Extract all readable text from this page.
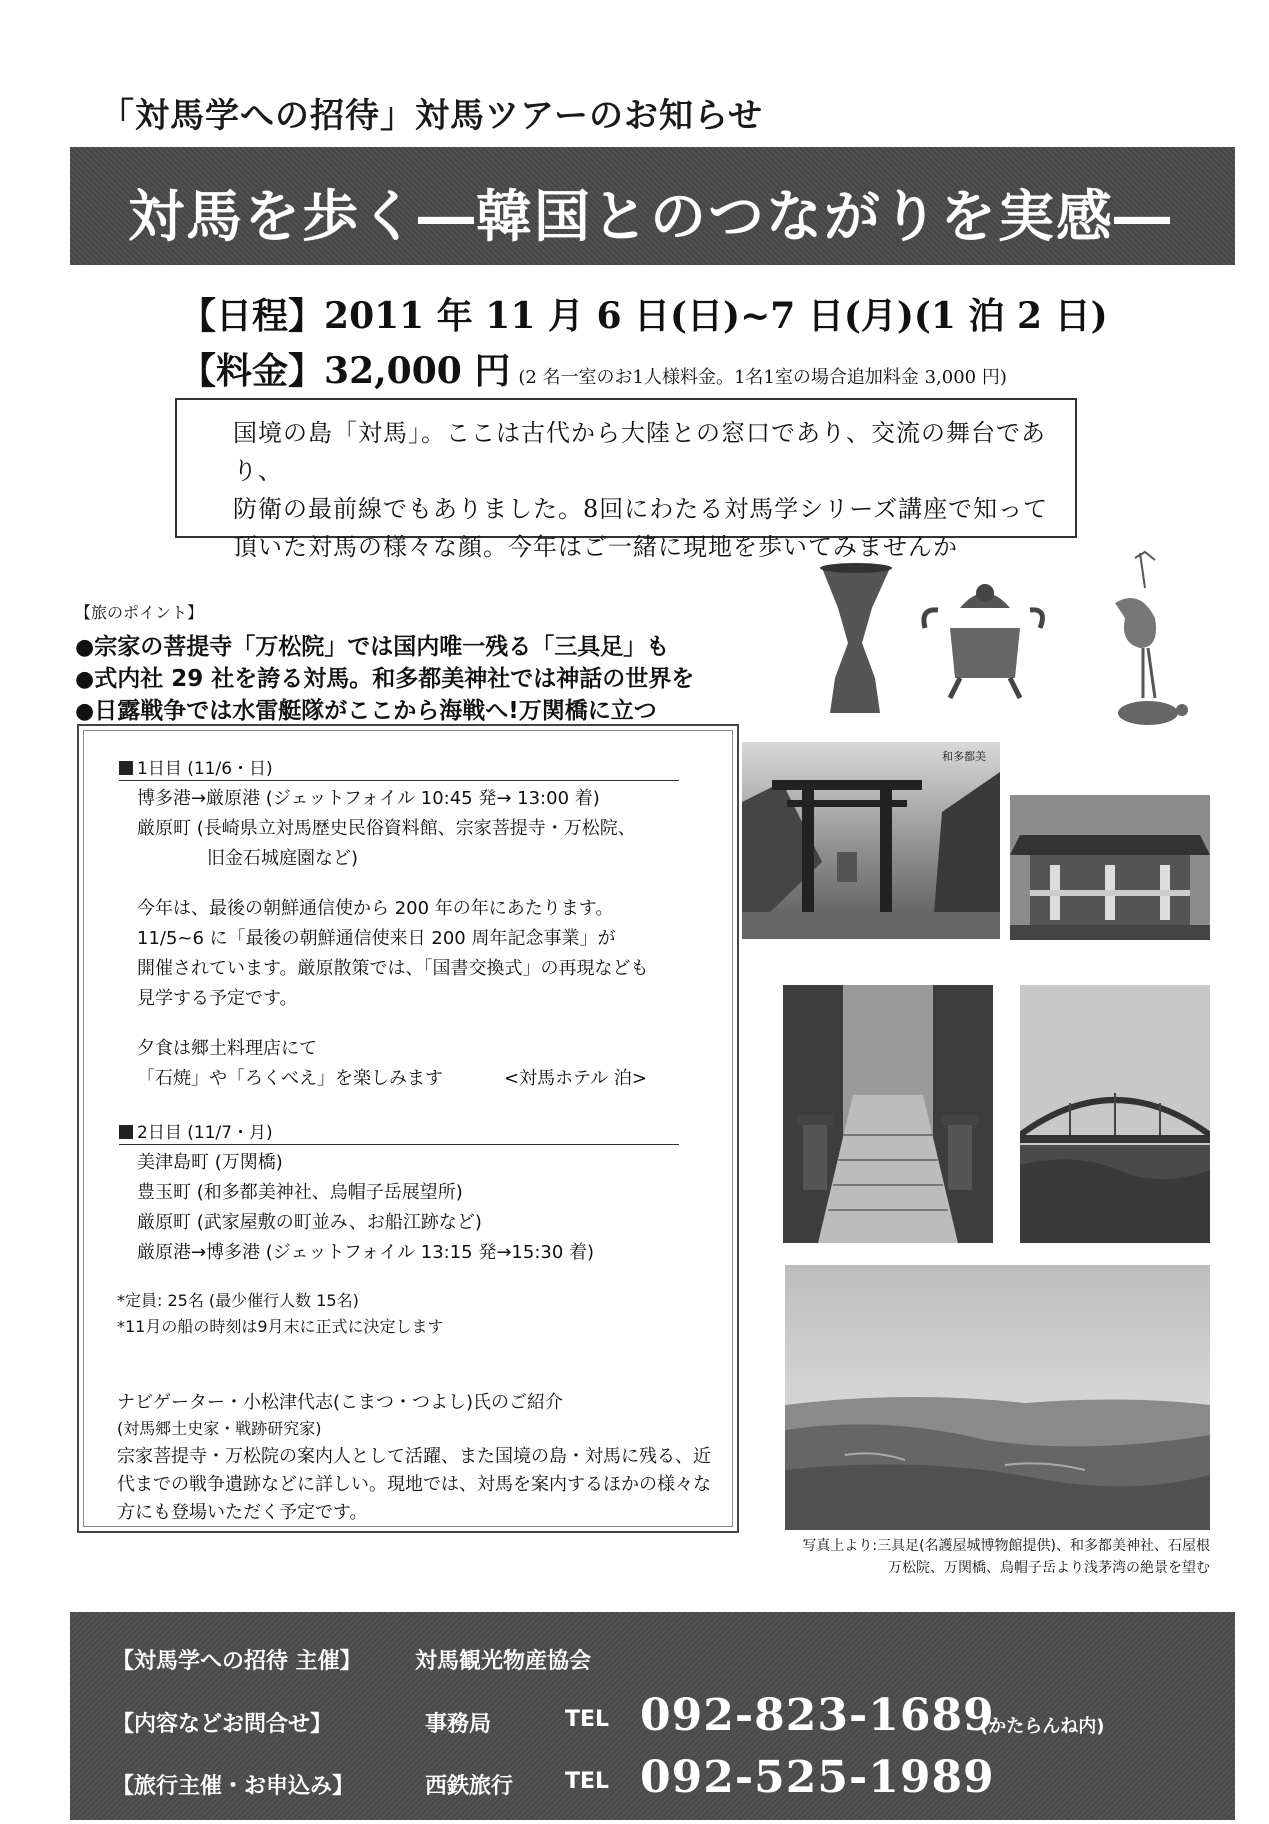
「対馬学への招待」対馬ツアーのお知らせ
対馬を歩く―韓国とのつながりを実感―
【日程】2011 年 11 月 6 日(日)~7 日(月)(1 泊 2 日)
【料金】32,000 円 (2 名一室のお1人様料金。1名1室の場合追加料金 3,000 円)
国境の島「対馬」。ここは古代から大陸との窓口であり、交流の舞台であり、
防衛の最前線でもありました。8回にわたる対馬学シリーズ講座で知って
頂いた対馬の様々な顔。今年はご一緒に現地を歩いてみませんか
【旅のポイント】
●宗家の菩提寺「万松院」では国内唯一残る「三具足」も
●式内社 29 社を誇る対馬。和多都美神社では神話の世界を
●日露戦争では水雷艇隊がここから海戦へ!万関橋に立つ
1日目 (11/6・日)
博多港→厳原港 (ジェットフォイル 10:45 発→ 13:00 着)
厳原町 (長崎県立対馬歴史民俗資料館、宗家菩提寺・万松院、
旧金石城庭園など)
今年は、最後の朝鮮通信使から 200 年の年にあたります。
11/5~6 に「最後の朝鮮通信使来日 200 周年記念事業」が
開催されています。厳原散策では、「国書交換式」の再現なども
見学する予定です。
夕食は郷土料理店にて
「石焼」や「ろくべえ」を楽しみます	<対馬ホテル 泊>
2日目 (11/7・月)
美津島町 (万関橋)
豊玉町 (和多都美神社、烏帽子岳展望所)
厳原町 (武家屋敷の町並み、お船江跡など)
厳原港→博多港 (ジェットフォイル 13:15 発→15:30 着)
*定員: 25名 (最少催行人数 15名)
*11月の船の時刻は9月末に正式に決定します
ナビゲーター・小松津代志(こまつ・つよし)氏のご紹介
(対馬郷土史家・戦跡研究家)
宗家菩提寺・万松院の案内人として活躍、また国境の島・対馬に残る、近
代までの戦争遺跡などに詳しい。現地では、対馬を案内するほかの様々な
方にも登場いただく予定です。
和多都美
写真上より:三具足(名護屋城博物館提供)、和多都美神社、石屋根
万松院、万関橋、烏帽子岳より浅茅湾の絶景を望む
【対馬学への招待 主催】 対馬観光物産協会
【内容などお問合せ】	事務局	TEL 092-823-1689
(かたらんね内)
【旅行主催・お申込み】	西鉄旅行 TEL 092-525-1989
